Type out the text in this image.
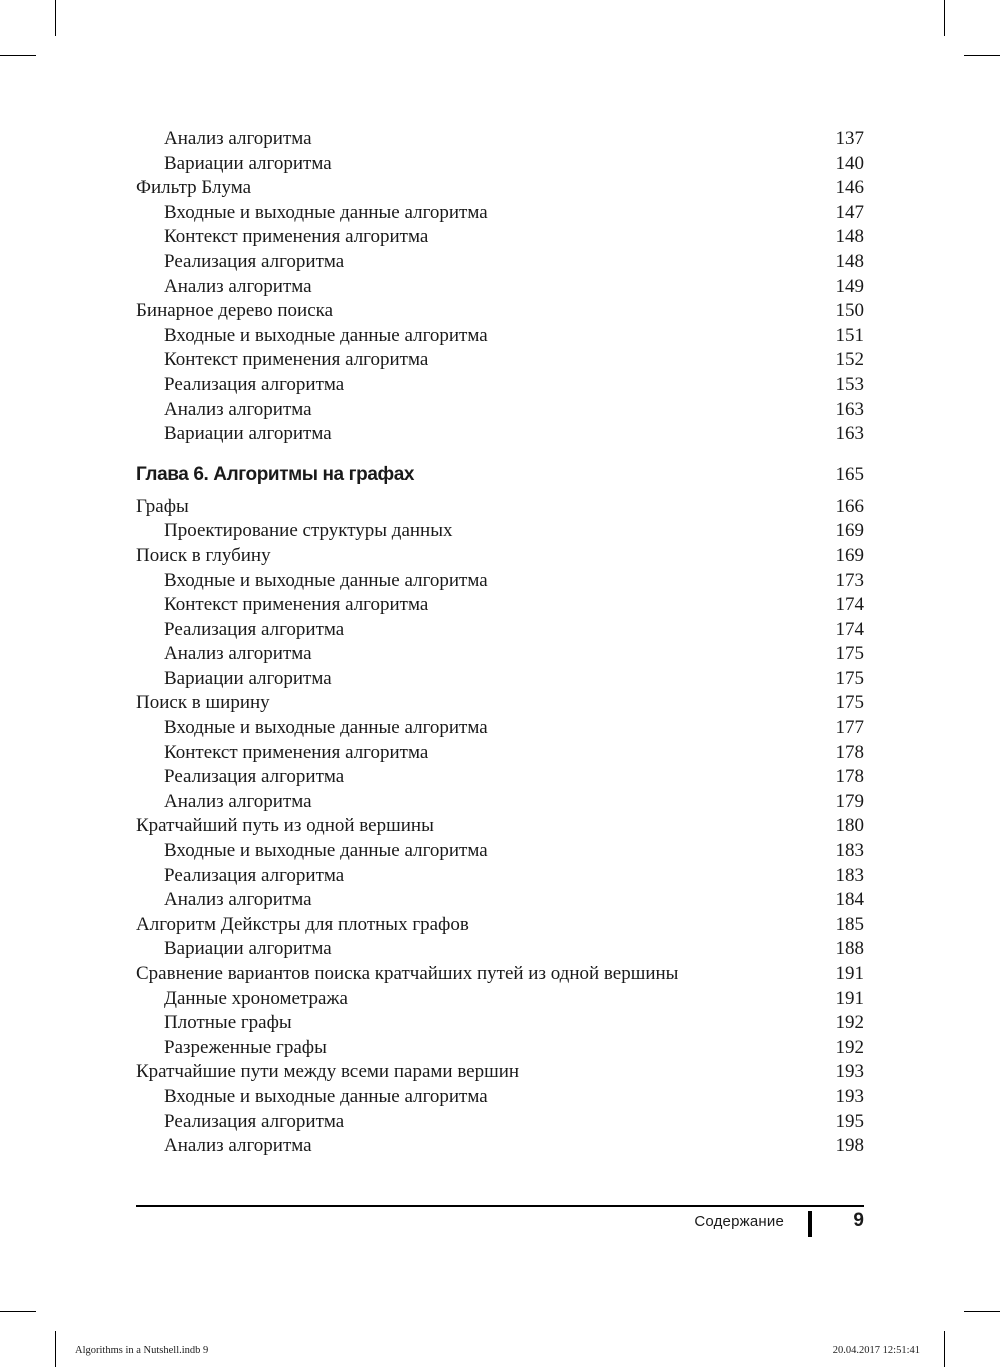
Анализ алгоритма	137
Вариации алгоритма	140
Фильтр Блума	146
Входные и выходные данные алгоритма	147
Контекст применения алгоритма	148
Реализация алгоритма	148
Анализ алгоритма	149
Бинарное дерево поиска	150
Входные и выходные данные алгоритма	151
Контекст применения алгоритма	152
Реализация алгоритма	153
Анализ алгоритма	163
Вариации алгоритма	163
Глава 6. Алгоритмы на графах	165
Графы	166
Проектирование структуры данных	169
Поиск в глубину	169
Входные и выходные данные алгоритма	173
Контекст применения алгоритма	174
Реализация алгоритма	174
Анализ алгоритма	175
Вариации алгоритма	175
Поиск в ширину	175
Входные и выходные данные алгоритма	177
Контекст применения алгоритма	178
Реализация алгоритма	178
Анализ алгоритма	179
Кратчайший путь из одной вершины	180
Входные и выходные данные алгоритма	183
Реализация алгоритма	183
Анализ алгоритма	184
Алгоритм Дейкстры для плотных графов	185
Вариации алгоритма	188
Сравнение вариантов поиска кратчайших путей из одной вершины	191
Данные хронометража	191
Плотные графы	192
Разреженные графы	192
Кратчайшие пути между всеми парами вершин	193
Входные и выходные данные алгоритма	193
Реализация алгоритма	195
Анализ алгоритма	198
Содержание	9
Algorithms in a Nutshell.indb 9	20.04.2017 12:51:41
